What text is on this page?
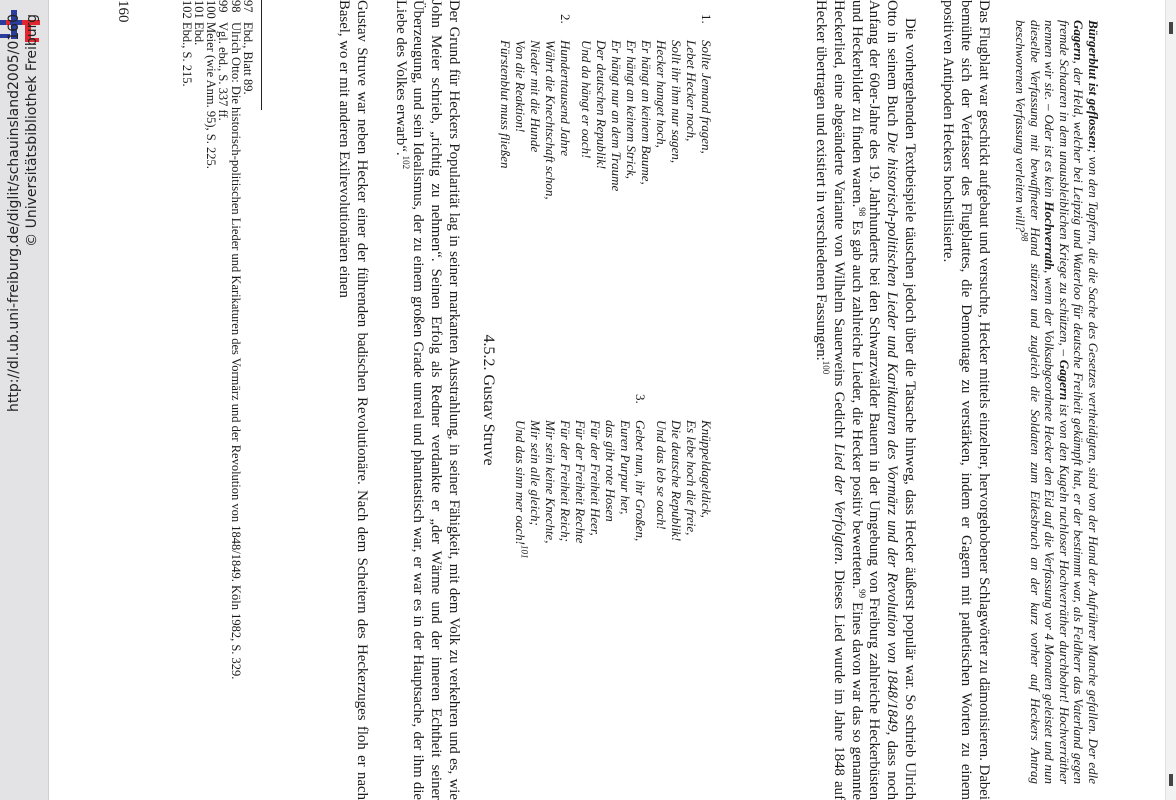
http://dl.ub.uni-freiburg.de/diglit/schauinsland2005/0160 © Universitätsbibliothek Freiburg	Bürgerblut ist geflossen; von den Tapfern, die die Sache des Gesetzes vertheidigten, sind von der Hand der Aufrührer Manche gefallen. Der edle Gagern, der Held, welcher bei Leipzig und Waterloo für deutsche Freiheit gekämpft hat, er der bestimmt war, als Feldherr das Vaterland gegen fremde Schaaren in dem unausbleiblichen Kriege zu schützen, – Gagern ist von den Kugeln ruchloser Hochverräther durchbohrt! Hochverräther nennen wir sie. – Oder ist es kein Hochverrath, wenn der Volksabgeordnete Hecker den Eid auf die Verfassung vor 4 Monaten geleistet und nun dieselbe Verfassung mit bewaffneter Hand stürzen und zugleich die Soldaten zum Eidesbruch an der kurz vorher auf Heckers Antrag beschworenen Verfassung verleiten will?$^{98}$

Das Flugblatt war geschickt aufgebaut und versuchte, Hecker mittels einzelner, hervorgehobener Schlagwörter zu dämonisieren. Dabei bemühte sich der Verfasser des Flugblattes, die Demontage zu verstärken, indem er Gagern mit pathetischen Worten zu einem positiven Antipoden Heckers hochstilisierte.

Die vorhergehenden Textbeispiele täuschen jedoch über die Tatsache hinweg, dass Hecker äußerst populär war. So schrieb Ulrich Otto in seinem Buch Die historisch-politischen Lieder und Karikaturen des Vormärz und der Revolution von 1848/1849, dass noch Anfang der 60er-Jahre des 19. Jahrhunderts bei den Schwarzwälder Bauern in der Umgebung von Freiburg zahlreiche Heckerbüsten und Heckerbilder zu finden waren.$^{98}$ Es gab auch zahlreiche Lieder, die Hecker positiv bewerteten.$^{99}$ Eines davon war das so genannte Heckerlied, eine abgeänderte Variante von Wilhelm Sauerweins Gedicht Lied der Verfolgten. Dieses Lied wurde im Jahre 1848 auf Hecker übertragen und existiert in verschiedenen Fassungen:$^{100}$

1.
Sollte Jemand fragen,
Lebet Hecker noch,
Sollt ihr ihm nur sagen,
Hecker hanget hoch,
Er hängt an keinem Baume,
Er hängt an keinem Strick,
Er hängt nur an dem Traume
Der deutschen Republik!
Und da hängt er oach!
2.
Hunderttausend Jahre
Währt die Knechtschaft schon,
Nieder mit die Hunde
Von die Reaktion!
Fürstenblut muss fließen
Knüppeldageldick,
Es lebe hoch die freie,
Die deutsche Republik!
Und das leb se oach!
3.
Gebet nun, ihr Großen,
Euren Purpur her,
das gibt rote Hosen
Für der Freiheit Heer,
Für der Freiheit Rechte
Für der Freiheit Reich;
Mir sein keine Knechte,
Mir sein alle gleich;
Und das sinn mer oach!$^{101}$
4.5.2. Gustav Struve

Der Grund für Heckers Popularität lag in seiner markanten Ausstrahlung, in seiner Fähigkeit, mit dem Volk zu verkehren und es, wie John Meier schrieb, „richtig zu nehmen“. Seinen Erfolg als Redner verdankte er „der Wärme und der inneren Echtheit seiner Überzeugung, und sein Idealismus, der zu einem großen Grade unreal und phantastisch war, er war es in der Hauptsache, der ihm die Liebe des Volkes erwarb“.$^{102}$

Gustav Struve war neben Hecker einer der führenden badischen Revolutionäre. Nach dem Scheitern des Heckerzuges floh er nach Basel, wo er mit anderen Exilrevolutionären einen

97Ebd., Blatt 89.
98Ulrich Otto: Die historisch-politischen Lieder und Karikaturen des Vormärz und der Revolution von 1848/1849. Köln 1982, S. 329.
99Vgl. ebd., S. 337 ff.
100Meier (wie Anm. 95), S. 225.
101Ebd.
102Ebd., S. 215.
160
